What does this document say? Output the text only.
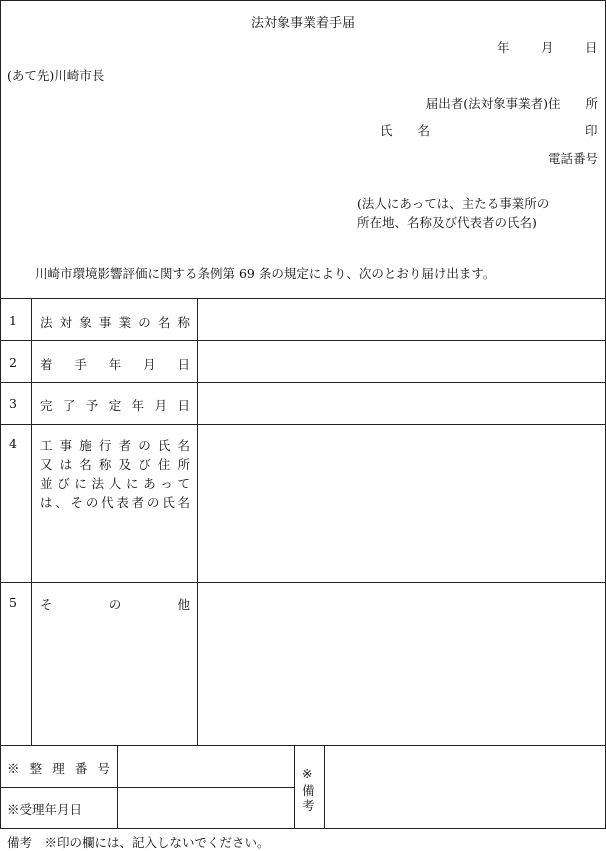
法対象事業着手届
年	月	日
(あて先)川崎市長
届出者(法対象事業者)住　　所
氏　　名	印
電話番号
(法人にあっては、主たる事業所の
所在地、名称及び代表者の氏名)
川崎市環境影響評価に関する条例第 69 条の規定により、次のとおり届け出ます。
1 法対象事業の名称
2 着手年月日
3 完了予定年月日
4 工事施行者の氏名
又は名称及び住所
並びに法人にあって
は、その代表者の氏名
5 その他
※整理番号
※受理年月日
※
備
考
備考　※印の欄には、記入しないでください。
